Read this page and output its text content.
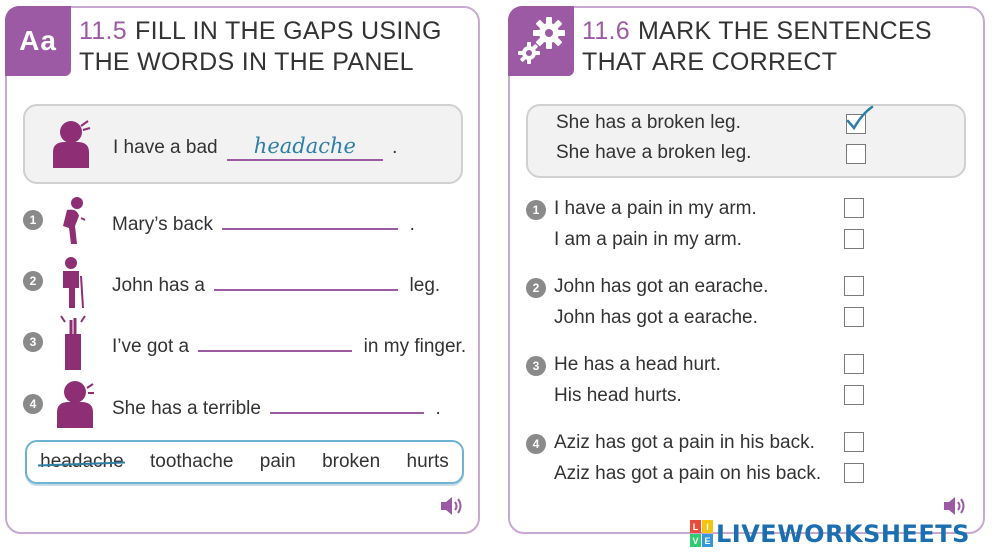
Aa 11.5 FILL IN THE GAPS USING
THE WORDS IN THE PANEL
I have a bad headache .
1	Mary’s back	.
2	John has a	leg.
3	I’ve got a	in my finger.
4	She has a terrible	.
headache toothache pain broken hurts
11.6 MARK THE SENTENCES
THAT ARE CORRECT
She has a broken leg.
She have a broken leg.
1 I have a pain in my arm.
I am a pain in my arm.
2 John has got an earache.
John has got a earache.
3 He has a head hurt.
His head hurts.
4 Aziz has got a pain in his back.
Aziz has got a pain on his back.
L I
V E LIVEWORKSHEETS
